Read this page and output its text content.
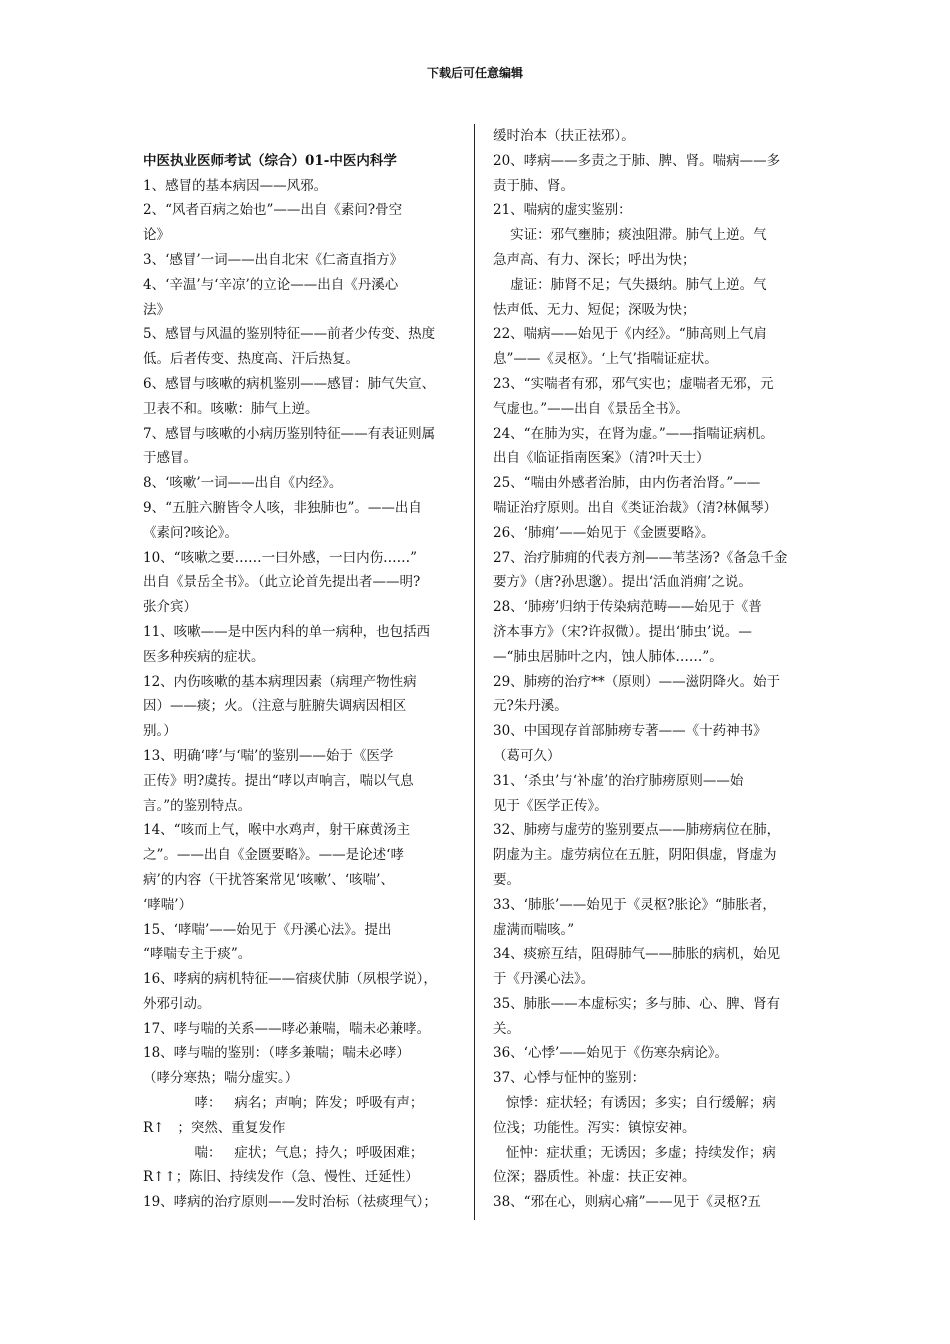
下载后可任意编辑
中医执业医师考试（综合）01-中医内科学
1、感冒的基本病因——风邪。
2、“风者百病之始也”——出自《素问?骨空
论》
3、‘感冒’一词——出自北宋《仁斋直指方》
4、‘辛温’与‘辛凉’的立论——出自《丹溪心
法》
5、感冒与风温的鉴别特征——前者少传变、热度
低。后者传变、热度高、汗后热复。
6、感冒与咳嗽的病机鉴别——感冒：肺气失宣、
卫表不和。咳嗽：肺气上逆。
7、感冒与咳嗽的小病历鉴别特征——有表证则属
于感冒。
8、‘咳嗽’一词——出自《内经》。
9、“五脏六腑皆令人咳，非独肺也”。——出自
《素问?咳论》。
10、“咳嗽之要……一曰外感，一曰内伤……”
出自《景岳全书》。（此立论首先提出者——明?
张介宾）
11、咳嗽——是中医内科的单一病种，也包括西
医多种疾病的症状。
12、内伤咳嗽的基本病理因素（病理产物性病
因）——痰；火。（注意与脏腑失调病因相区
别。）
13、明确‘哮’与‘喘’的鉴别——始于《医学
正传》明?虞抟。提出“哮以声响言，喘以气息
言。”的鉴别特点。
14、“咳而上气，喉中水鸡声，射干麻黄汤主
之”。——出自《金匮要略》。——是论述‘哮
病’的内容（干扰答案常见‘咳嗽’、‘咳喘’、
‘哮喘’）
15、‘哮喘’——始见于《丹溪心法》。提出
“哮喘专主于痰”。
16、哮病的病机特征——宿痰伏肺（夙根学说），
外邪引动。
17、哮与喘的关系——哮必兼喘，喘未必兼哮。
18、哮与喘的鉴别：（哮多兼喘；喘未必哮）
（哮分寒热；喘分虚实。）
哮：   病名；声响；阵发；呼吸有声；
R↑   ；突然、重复发作
喘：   症状；气息；持久；呼吸困难；
R↑↑；陈旧、持续发作（急、慢性、迁延性）
19、哮病的治疗原则——发时治标（祛痰理气）；
缓时治本（扶正祛邪）。
20、哮病——多责之于肺、脾、肾。喘病——多
责于肺、肾。
21、喘病的虚实鉴别：
实证：邪气壅肺；痰浊阻滞。肺气上逆。气
急声高、有力、深长；呼出为快；
虚证：肺肾不足；气失摄纳。肺气上逆。气
怯声低、无力、短促；深吸为快；
22、喘病——始见于《内经》。“肺高则上气肩
息”——《灵枢》。‘上气’指喘证症状。
23、“实喘者有邪，邪气实也；虚喘者无邪，元
气虚也。”——出自《景岳全书》。
24、“在肺为实，在肾为虚。”——指喘证病机。
出自《临证指南医案》（清?叶天士）
25、“喘由外感者治肺，由内伤者治肾。”——
喘证治疗原则。出自《类证治裁》（清?林佩琴）
26、‘肺痈’——始见于《金匮要略》。
27、治疗肺痈的代表方剂——苇茎汤?《备急千金
要方》（唐?孙思邈）。提出‘活血消痈’之说。
28、‘肺痨’归纳于传染病范畴——始见于《普
济本事方》（宋?许叔微）。提出‘肺虫’说。—
—“肺虫居肺叶之内，蚀人肺体……”。
29、肺痨的治疗**（原则）——滋阴降火。始于
元?朱丹溪。
30、中国现存首部肺痨专著——《十药神书》
（葛可久）
31、‘杀虫’与‘补虚’的治疗肺痨原则——始
见于《医学正传》。
32、肺痨与虚劳的鉴别要点——肺痨病位在肺，
阴虚为主。虚劳病位在五脏，阴阳俱虚，肾虚为
要。
33、‘肺胀’——始见于《灵枢?胀论》“肺胀者，
虚满而喘咳。”
34、痰瘀互结，阻碍肺气——肺胀的病机，始见
于《丹溪心法》。
35、肺胀——本虚标实；多与肺、心、脾、肾有
关。
36、‘心悸’——始见于《伤寒杂病论》。
37、心悸与怔忡的鉴别：
惊悸：症状轻；有诱因；多实；自行缓解；病
位浅；功能性。泻实：镇惊安神。
怔忡：症状重；无诱因；多虚；持续发作；病
位深；器质性。补虚：扶正安神。
38、“邪在心，则病心痛”——见于《灵枢?五
